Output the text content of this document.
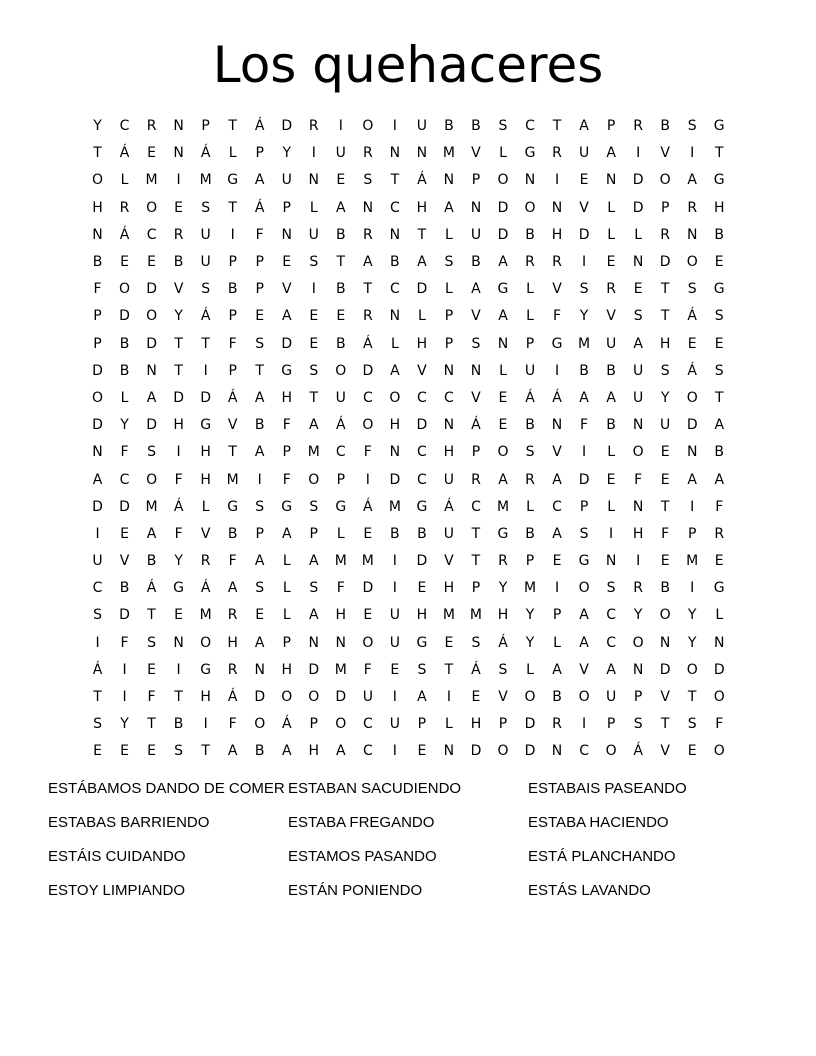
Los quehaceres
Y	C	R	N	P	T	Á	D	R	I	O	I	U	B	B	S	C	T	A	P	R	B	S	G
T	Á	E	N	Á	L	P	Y	I	U	R	N	N	M	V	L	G	R	U	A	I	V	I	T
O	L	M	I	M	G	A	U	N	E	S	T	Á	N	P	O	N	I	E	N	D	O	A	G
H	R	O	E	S	T	Á	P	L	A	N	C	H	A	N	D	O	N	V	L	D	P	R	H
N	Á	C	R	U	I	F	N	U	B	R	N	T	L	U	D	B	H	D	L	L	R	N	B
B	E	E	B	U	P	P	E	S	T	A	B	A	S	B	A	R	R	I	E	N	D	O	E
F	O	D	V	S	B	P	V	I	B	T	C	D	L	A	G	L	V	S	R	E	T	S	G
P	D	O	Y	Á	P	E	A	E	E	R	N	L	P	V	A	L	F	Y	V	S	T	Á	S
P	B	D	T	T	F	S	D	E	B	Á	L	H	P	S	N	P	G	M	U	A	H	E	E
D	B	N	T	I	P	T	G	S	O	D	A	V	N	N	L	U	I	B	B	U	S	Á	S
O	L	A	D	D	Á	A	H	T	U	C	O	C	C	V	E	Á	Á	A	A	U	Y	O	T
D	Y	D	H	G	V	B	F	A	Á	O	H	D	N	Á	E	B	N	F	B	N	U	D	A
N	F	S	I	H	T	A	P	M	C	F	N	C	H	P	O	S	V	I	L	O	E	N	B
A	C	O	F	H	M	I	F	O	P	I	D	C	U	R	A	R	A	D	E	F	E	A	A
D	D	M	Á	L	G	S	G	S	G	Á	M	G	Á	C	M	L	C	P	L	N	T	I	F
I	E	A	F	V	B	P	A	P	L	E	B	B	U	T	G	B	A	S	I	H	F	P	R
U	V	B	Y	R	F	A	L	A	M	M	I	D	V	T	R	P	E	G	N	I	E	M	E
C	B	Á	G	Á	A	S	L	S	F	D	I	E	H	P	Y	M	I	O	S	R	B	I	G
S	D	T	E	M	R	E	L	A	H	E	U	H	M	M	H	Y	P	A	C	Y	O	Y	L
I	F	S	N	O	H	A	P	N	N	O	U	G	E	S	Á	Y	L	A	C	O	N	Y	N
Á	I	E	I	G	R	N	H	D	M	F	E	S	T	Á	S	L	A	V	A	N	D	O	D
T	I	F	T	H	Á	D	O	O	D	U	I	A	I	E	V	O	B	O	U	P	V	T	O
S	Y	T	B	I	F	O	Á	P	O	C	U	P	L	H	P	D	R	I	P	S	T	S	F
E	E	E	S	T	A	B	A	H	A	C	I	E	N	D	O	D	N	C	O	Á	V	E	O
ESTÁBAMOS DANDO DE COMER ESTABAN SACUDIENDO	ESTABAIS PASEANDO
ESTABAS BARRIENDO	ESTABA FREGANDO	ESTABA HACIENDO
ESTÁIS CUIDANDO	ESTAMOS PASANDO	ESTÁ PLANCHANDO
ESTOY LIMPIANDO	ESTÁN PONIENDO	ESTÁS LAVANDO
